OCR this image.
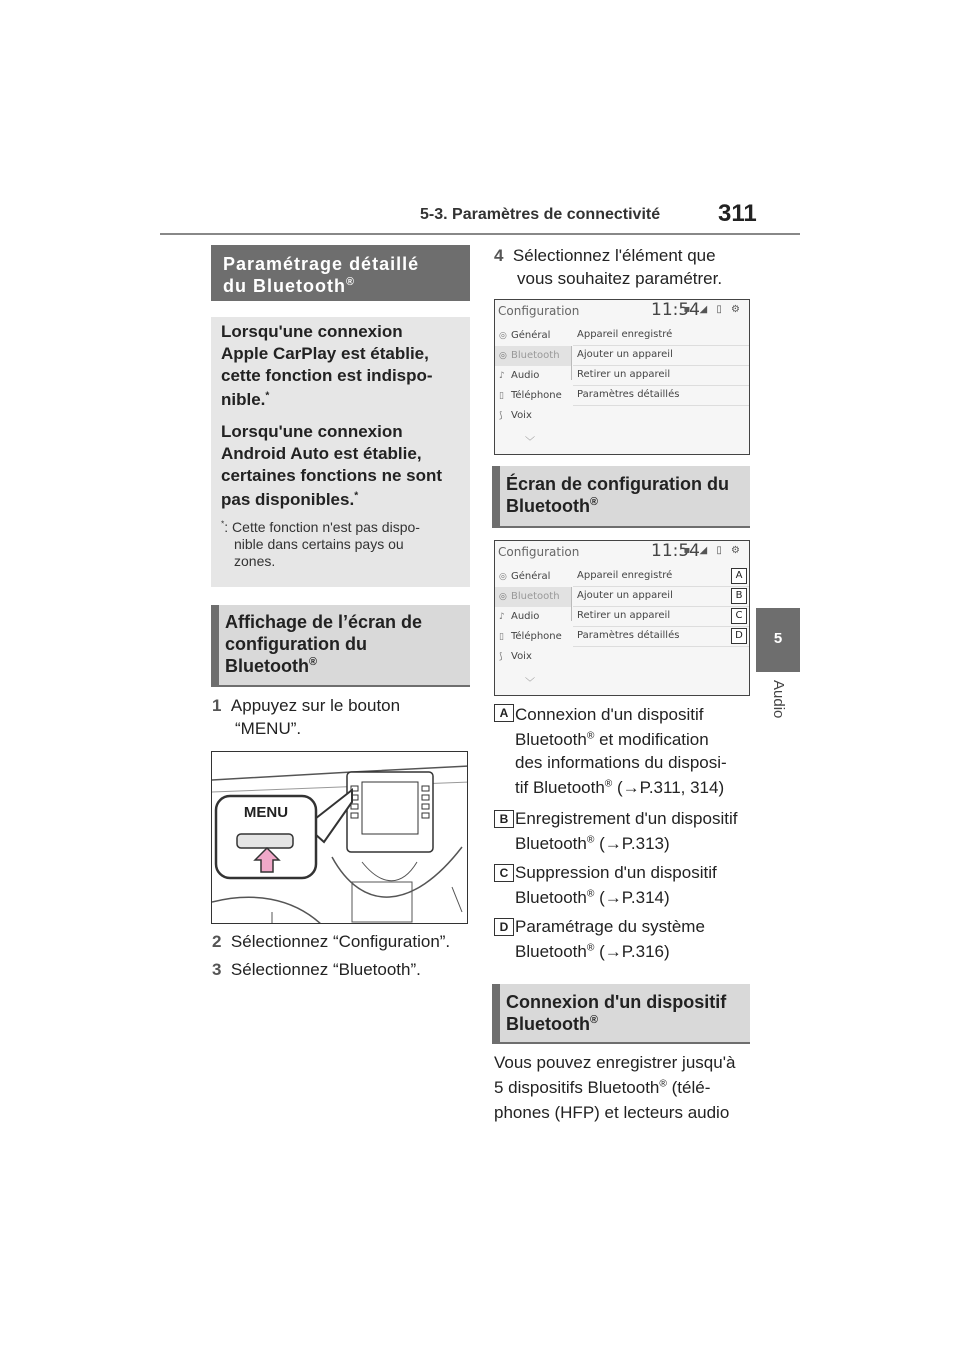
5-3. Paramètres de connectivité 311
5
Audio
Paramétrage détaillé
du Bluetooth®
Lorsqu'une connexion
Apple CarPlay est établie,
cette fonction est indispo-
nible.*
Lorsqu'une connexion
Android Auto est établie,
certaines fonctions ne sont
pas disponibles.*
*: Cette fonction n'est pas dispo-
nible dans certains pays ou
zones.
Affichage de l’écran de
configuration du
Bluetooth®
1 Appuyez sur le bouton
“MENU”.
MENU
2 Sélectionnez “Configuration”.
3 Sélectionnez “Bluetooth”.
4 Sélectionnez l'élément que
vous souhaitez paramétrer.
Configuration	11:54
▪ ◢ ▯ ⚙
◎ Général
◎ Bluetooth
♪ Audio
▯ Téléphone
⟆ Voix
Appareil enregistré
Ajouter un appareil
Retirer un appareil
Paramètres détaillés
﹀
Écran de configuration du
Bluetooth®
Configuration	11:54
▪ ◢ ▯ ⚙
◎ Général
◎ Bluetooth
♪ Audio
▯ Téléphone
⟆ Voix
Appareil enregistré	A
Ajouter un appareil	B
Retirer un appareil	C
Paramètres détaillés	D
﹀
A Connexion d'un dispositif
Bluetooth® et modification
des informations du disposi-
tif Bluetooth® (→P.311, 314)
B Enregistrement d'un dispositif
Bluetooth® (→P.313)
C Suppression d'un dispositif
Bluetooth® (→P.314)
D Paramétrage du système
Bluetooth® (→P.316)
Connexion d'un dispositif
Bluetooth®
Vous pouvez enregistrer jusqu'à
5 dispositifs Bluetooth® (télé-
phones (HFP) et lecteurs audio
